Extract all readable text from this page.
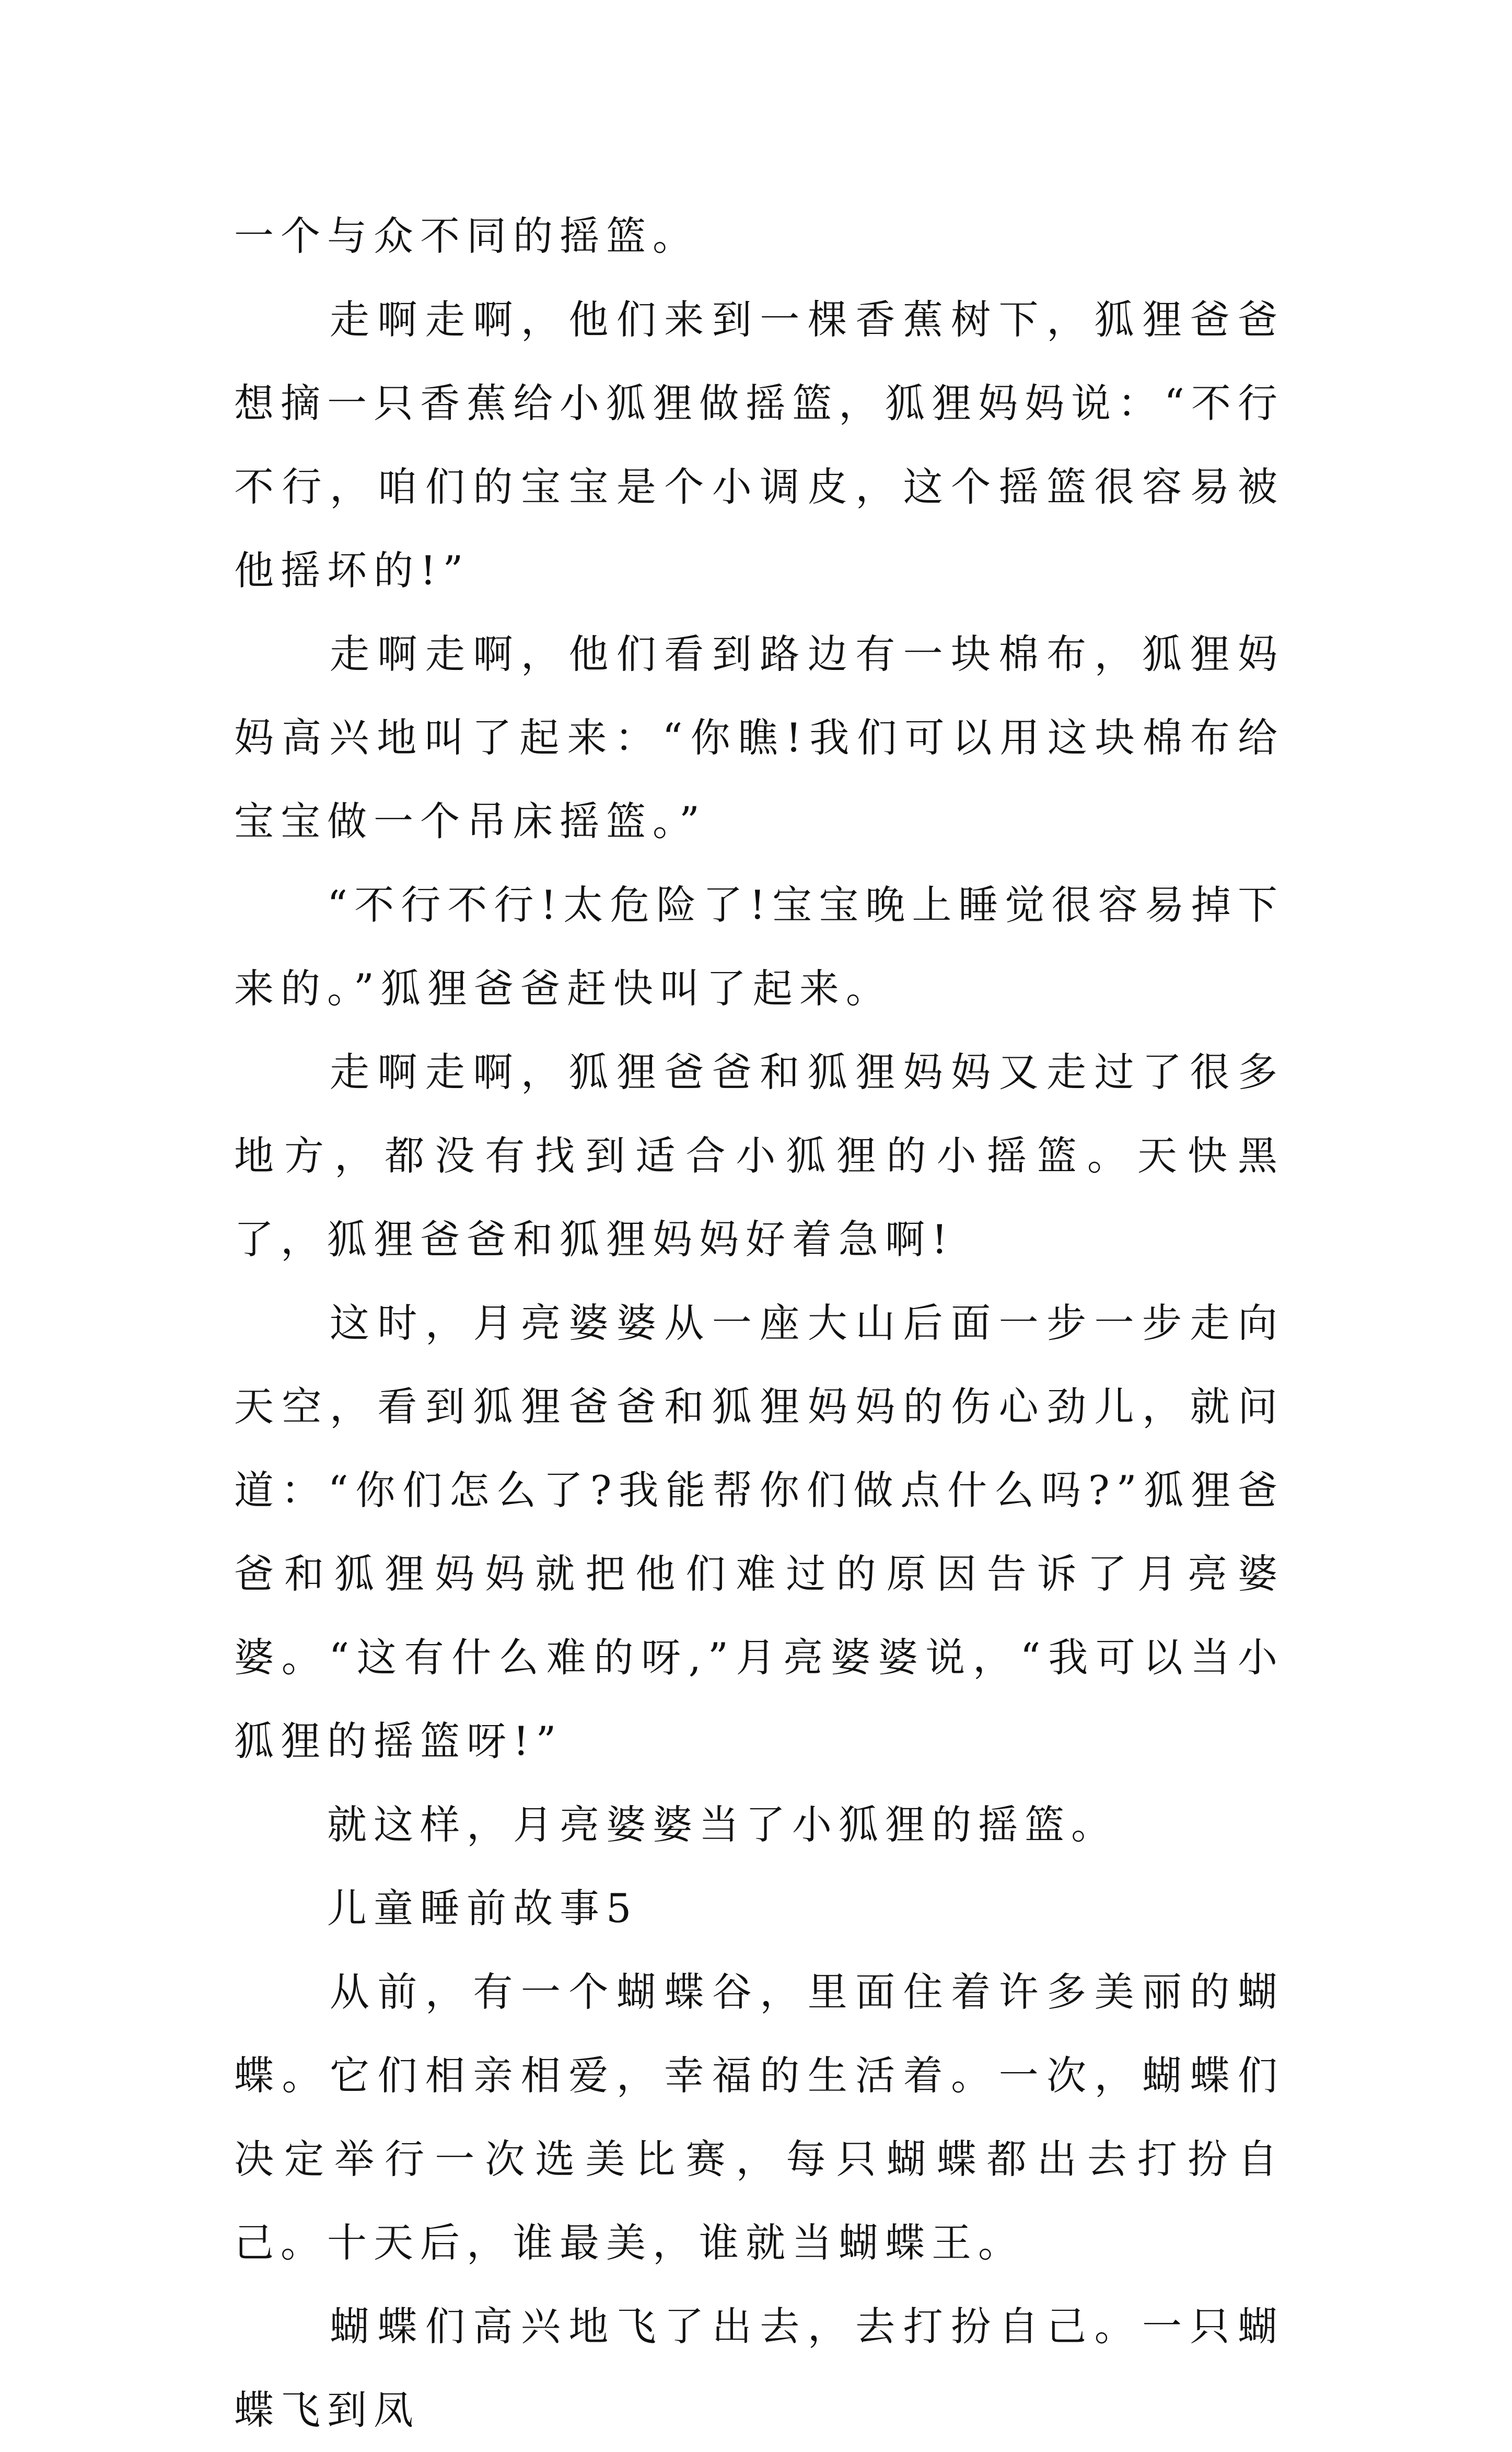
一个与众不同的摇篮。

　　走啊走啊，他们来到一棵香蕉树下，狐狸爸爸想摘一只香蕉给小狐狸做摇篮，狐狸妈妈说：“不行不行，咱们的宝宝是个小调皮，这个摇篮很容易被他摇坏的!”

　　走啊走啊，他们看到路边有一块棉布，狐狸妈妈高兴地叫了起来：“你瞧!我们可以用这块棉布给宝宝做一个吊床摇篮。”

　　“不行不行!太危险了!宝宝晚上睡觉很容易掉下来的。”狐狸爸爸赶快叫了起来。

　　走啊走啊，狐狸爸爸和狐狸妈妈又走过了很多地方，都没有找到适合小狐狸的小摇篮。天快黑了，狐狸爸爸和狐狸妈妈好着急啊!

　　这时，月亮婆婆从一座大山后面一步一步走向天空，看到狐狸爸爸和狐狸妈妈的伤心劲儿，就问道：“你们怎么了?我能帮你们做点什么吗?”狐狸爸爸和狐狸妈妈就把他们难过的原因告诉了月亮婆婆。“这有什么难的呀,”月亮婆婆说，“我可以当小狐狸的摇篮呀!”

　　就这样，月亮婆婆当了小狐狸的摇篮。

　　儿童睡前故事5

　　从前，有一个蝴蝶谷，里面住着许多美丽的蝴蝶。它们相亲相爱，幸福的生活着。一次，蝴蝶们决定举行一次选美比赛，每只蝴蝶都出去打扮自己。十天后，谁最美，谁就当蝴蝶王。

　　蝴蝶们高兴地飞了出去，去打扮自己。一只蝴蝶飞到凤
